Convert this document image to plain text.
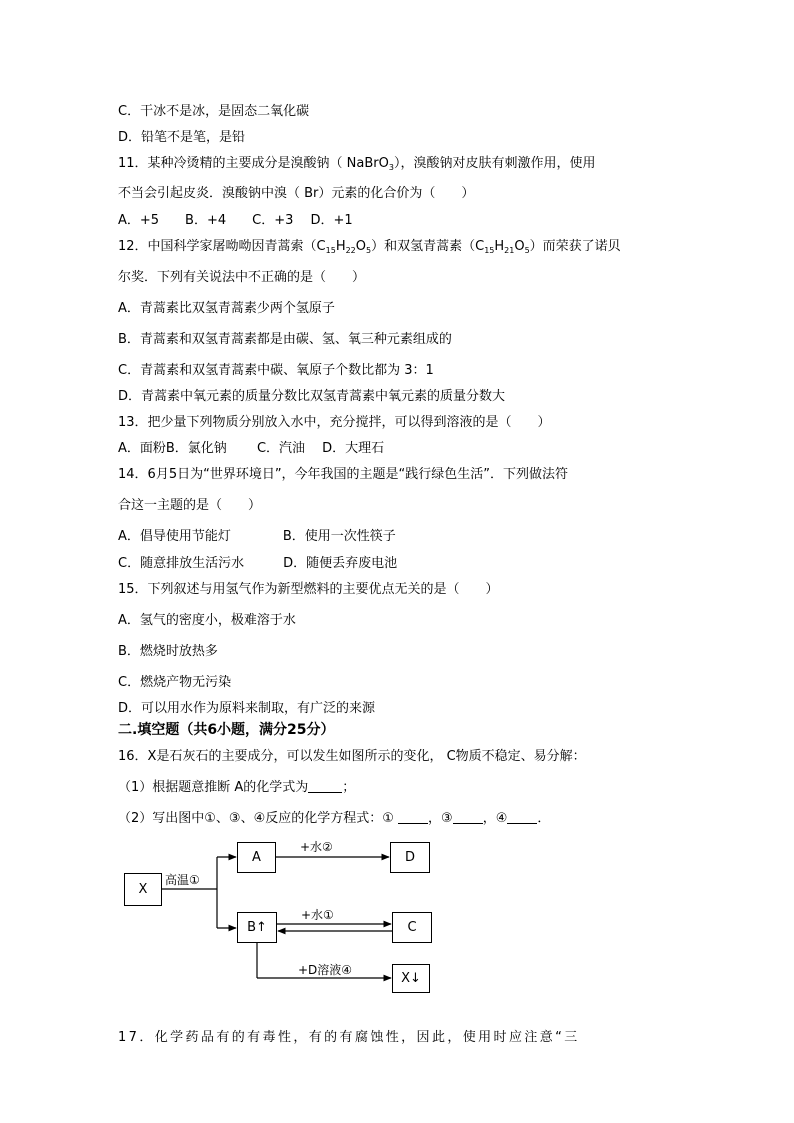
C．干冰不是冰，是固态二氧化碳
D．铅笔不是笔，是铅
11．某种冷烫精的主要成分是溴酸钠（ NaBrO$_3$），溴酸钠对皮肤有刺激作用，使用
不当会引起皮炎．溴酸钠中溴（ Br）元素的化合价为（　　）
A．+5　　B．+4　　C．+3　 D．+1
12．中国科学家屠呦呦因青蒿索$(C_{15}H_{22}O_5)$和双氢青蒿素$(C_{15}H_{21}O_5)$而荣获了诺贝
尔奖．下列有关说法中不正确的是（　　）
A．青蒿素比双氢青蒿素少两个氢原子
B．青蒿素和双氢青蒿素都是由碳、氢、氧三种元素组成的
C．青蒿素和双氢青蒿素中碳、氧原子个数比都为 3：1
D．青蒿素中氧元素的质量分数比双氢青蒿素中氧元素的质量分数大
13．把少量下列物质分别放入水中，充分搅拌，可以得到溶液的是（　　）
A．面粉B．氯化钠　　 C．汽油　 D．大理石
14．6月5日为“世界环境日”，今年我国的主题是“践行绿色生活”．下列做法符
合这一主题的是（　　）
A．倡导使用节能灯　　　　B．使用一次性筷子
C．随意排放生活污水　　　D．随便丢弃废电池
15．下列叙述与用氢气作为新型燃料的主要优点无关的是（　　）
A．氢气的密度小，极难溶于水
B．燃烧时放热多
C．燃烧产物无污染
D．可以用水作为原料来制取，有广泛的来源
二.填空题（共6小题，满分25分）
16．X是石灰石的主要成分，可以发生如图所示的变化， C物质不稳定、易分解：
（1）根据题意推断 A的化学式为	；
（2）写出图中①、③、④反应的化学方程式：①	，③ ，④ ．
X
A	D
B↑	C
X↓
高温①
+水②
+水①
+D溶液④
17．化学药品有的有毒性，有的有腐蚀性，因此，使用时应注意“三
